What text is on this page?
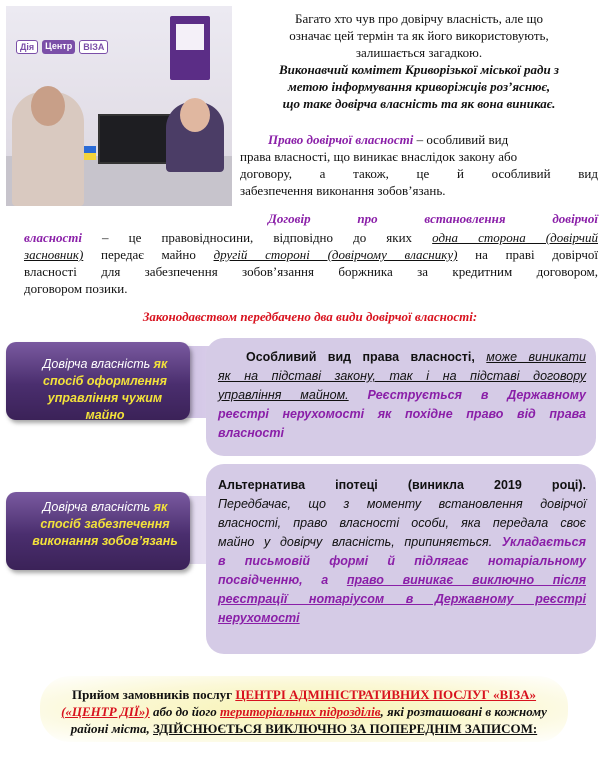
Дія	Центр	ВІЗА
Багато хто чув про довірчу власність, але що
означає цей термін та як його використовують,
залишається загадкою.
Виконавчий комітет Криворізької міської ради з
метою інформування криворіжців роз’яснює,
що таке довірча власність та як вона виникає.
Право довірчої власності – особливий вид
права власності, що виникає внаслідок закону або
договору, а також, це й особливий вид
забезпечення виконання зобов’язань.
Договір про встановлення довірчої
власності – це правовідносини, відповідно до яких одна сторона (довірчий
засновник) передає майно другій стороні (довірчому власнику) на праві довірчої
власності для забезпечення зобов’язання боржника за кредитним договором,
договором позики.
Законодавством передбачено два види довірчої власності:
Довірча власність як
спосіб оформлення
управління чужим
майно
Особливий вид права власності, може виникати
як на підставі закону, так і на підставі договору
управління майном. Реєструється в Державному
реєстрі нерухомості як похідне право від права
власності
Довірча власність як
спосіб забезпечення
виконання зобов’язань
Альтернатива іпотеці (виникла 2019 році).
Передбачає, що з моменту встановлення довірчої
власності, право власності особи, яка передала своє
майно у довірчу власність, припиняється. Укладається
в письмовій формі й підлягає нотаріальному
посвідченню, а право виникає виключно після
реєстрації нотаріусом в Державному реєстрі
нерухомості
Прийом замовників послуг ЦЕНТРІ АДМІНІСТРАТИВНИХ ПОСЛУГ «ВІЗА»
(«ЦЕНТР ДІЇ») або до його територіальних підрозділів, які розташовані в кожному
районі міста, ЗДІЙСНЮЄТЬСЯ ВИКЛЮЧНО ЗА ПОПЕРЕДНІМ ЗАПИСОМ:
